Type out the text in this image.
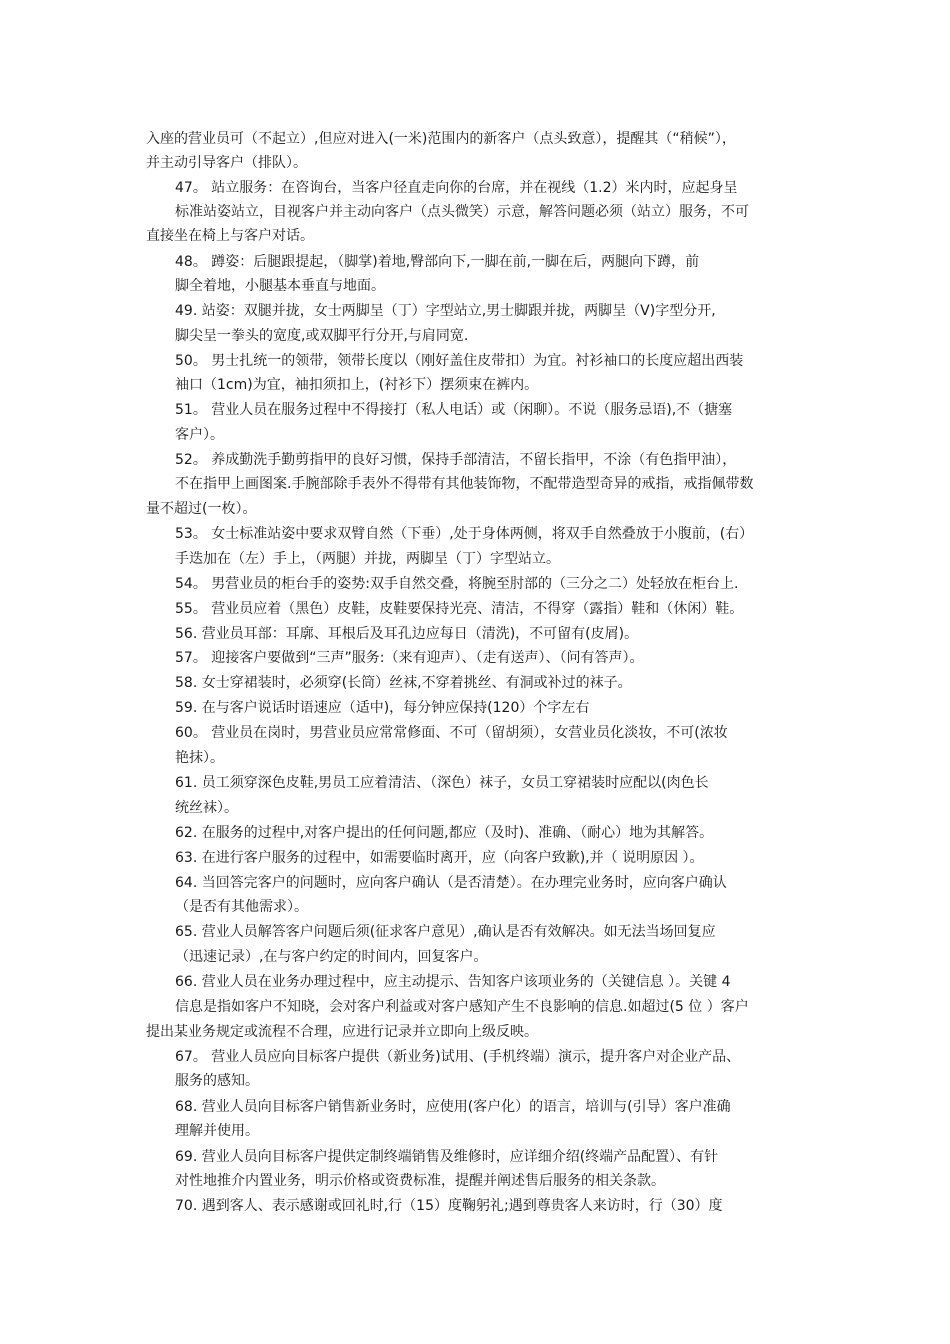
入座的营业员可（不起立）,但应对进入(一米)范围内的新客户（点头致意），提醒其（“稍候”），
并主动引导客户（排队）。
47。 站立服务：在咨询台，当客户径直走向你的台席，并在视线（1.2）米内时，应起身呈
标准站姿站立，目视客户并主动向客户（点头微笑）示意，解答问题必须（站立）服务，不可
直接坐在椅上与客户对话。
48。 蹲姿：后腿跟提起，（脚掌)着地,臀部向下,一脚在前,一脚在后，两腿向下蹲，前
脚全着地，小腿基本垂直与地面。
49. 站姿：双腿并拢，女士两脚呈（丁）字型站立,男士脚跟并拢，两脚呈（V)字型分开,
脚尖呈一拳头的宽度,或双脚平行分开,与肩同宽.
50。 男士扎统一的领带，领带长度以（刚好盖住皮带扣）为宜。衬衫袖口的长度应超出西装
袖口（1cm)为宜，袖扣须扣上，(衬衫下）摆须束在裤内。
51。 营业人员在服务过程中不得接打（私人电话）或（闲聊）。不说（服务忌语),不（搪塞
客户）。
52。 养成勤洗手勤剪指甲的良好习惯，保持手部清洁，不留长指甲，不涂（有色指甲油），
不在指甲上画图案.手腕部除手表外不得带有其他装饰物，不配带造型奇异的戒指，戒指佩带数
量不超过(一枚）。
53。 女士标准站姿中要求双臂自然（下垂）,处于身体两侧，将双手自然叠放于小腹前，(右）
手迭加在（左）手上，（两腿）并拢，两脚呈（丁）字型站立。
54。 男营业员的柜台手的姿势:双手自然交叠，将腕至肘部的（三分之二）处轻放在柜台上.
55。 营业员应着（黑色）皮鞋，皮鞋要保持光亮、清洁，不得穿（露指）鞋和（休闲）鞋。
56. 营业员耳部：耳廓、耳根后及耳孔边应每日（清洗)，不可留有(皮屑)。
57。 迎接客户要做到“三声”服务:（来有迎声）、（走有送声）、（问有答声）。
58. 女士穿裙装时，必须穿(长筒）丝袜,不穿着挑丝、有洞或补过的袜子。
59. 在与客户说话时语速应（适中)，每分钟应保持(120）个字左右
60。 营业员在岗时，男营业员应常常修面、不可（留胡须），女营业员化淡妆，不可(浓妆
艳抹）。
61. 员工须穿深色皮鞋,男员工应着清洁、（深色）袜子，女员工穿裙装时应配以(肉色长
统丝袜）。
62. 在服务的过程中,对客户提出的任何问题,都应（及时)、准确、（耐心）地为其解答。
63. 在进行客户服务的过程中，如需要临时离开，应（向客户致歉),并（ 说明原因 ）。
64. 当回答完客户的问题时，应向客户确认（是否清楚）。在办理完业务时，应向客户确认
（是否有其他需求）。
65. 营业人员解答客户问题后须(征求客户意见）,确认是否有效解决。如无法当场回复应
（迅速记录）,在与客户约定的时间内，回复客户。
66. 营业人员在业务办理过程中，应主动提示、告知客户该项业务的（关键信息 ）。关键 4
信息是指如客户不知晓，会对客户利益或对客户感知产生不良影响的信息.如超过(5 位 ）客户
提出某业务规定或流程不合理，应进行记录并立即向上级反映。
67。 营业人员应向目标客户提供（新业务)试用、(手机终端）演示，提升客户对企业产品、
服务的感知。
68. 营业人员向目标客户销售新业务时，应使用(客户化）的语言，培训与(引导）客户准确
理解并使用。
69. 营业人员向目标客户提供定制终端销售及维修时，应详细介绍(终端产品配置）、有针
对性地推介内置业务，明示价格或资费标准，提醒并阐述售后服务的相关条款。
70. 遇到客人、表示感谢或回礼时,行（15）度鞠躬礼;遇到尊贵客人来访时，行（30）度
